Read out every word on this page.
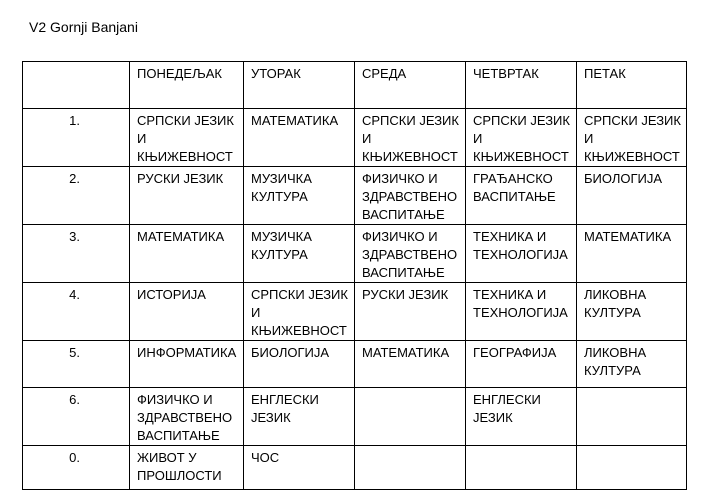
V2 Gornji Banjani
	ПОНЕДЕЉАК	УТОРАК	СРЕДА	ЧЕТВРТАК	ПЕТАК
1.	СРПСКИ ЈЕЗИК И КЊИЖЕВНОСТ	МАТЕМАТИКА	СРПСКИ ЈЕЗИК И КЊИЖЕВНОСТ	СРПСКИ ЈЕЗИК И КЊИЖЕВНОСТ	СРПСКИ ЈЕЗИК И КЊИЖЕВНОСТ
2.	РУСКИ ЈЕЗИК	МУЗИЧКА КУЛТУРА	ФИЗИЧКО И ЗДРАВСТВЕНО ВАСПИТАЊЕ	ГРАЂАНСКО ВАСПИТАЊЕ	БИОЛОГИЈА
3.	МАТЕМАТИКА	МУЗИЧКА КУЛТУРА	ФИЗИЧКО И ЗДРАВСТВЕНО ВАСПИТАЊЕ	ТЕХНИКА И ТЕХНОЛОГИЈА	МАТЕМАТИКА
4.	ИСТОРИЈА	СРПСКИ ЈЕЗИК И КЊИЖЕВНОСТ	РУСКИ ЈЕЗИК	ТЕХНИКА И ТЕХНОЛОГИЈА	ЛИКОВНА КУЛТУРА
5.	ИНФОРМАТИКА	БИОЛОГИЈА	МАТЕМАТИКА	ГЕОГРАФИЈА	ЛИКОВНА КУЛТУРА
6.	ФИЗИЧКО И ЗДРАВСТВЕНО ВАСПИТАЊЕ	ЕНГЛЕСКИ ЈЕЗИК		ЕНГЛЕСКИ ЈЕЗИК	
0.	ЖИВОТ У ПРОШЛОСТИ	ЧОС			
